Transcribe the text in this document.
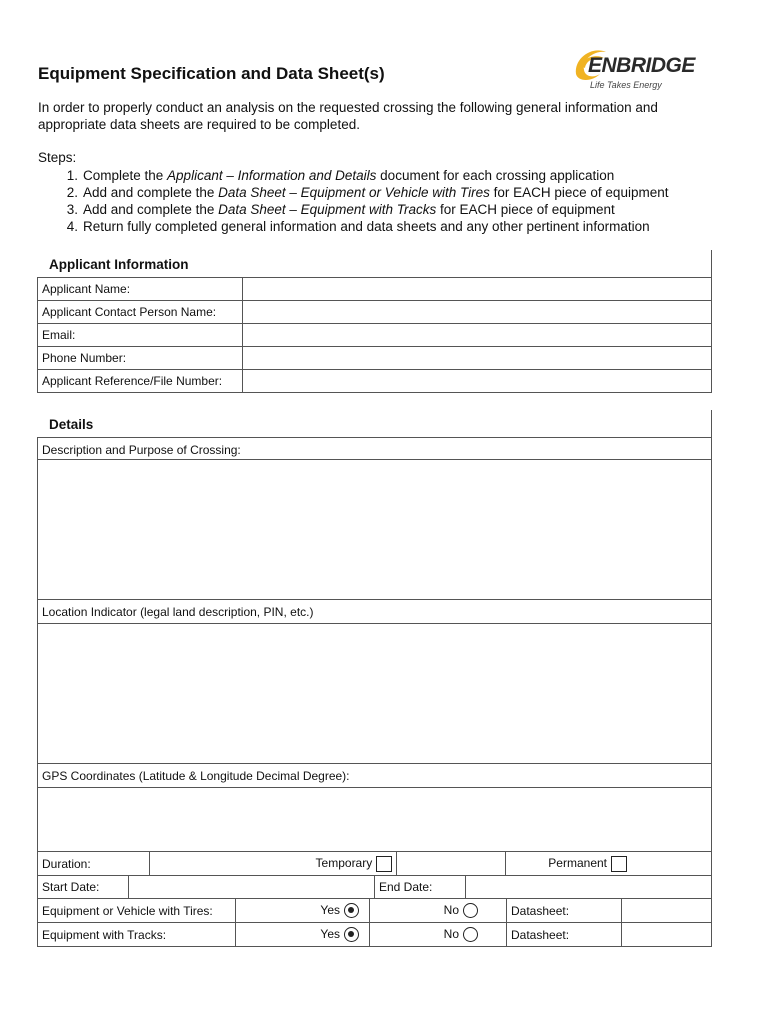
Equipment Specification and Data Sheet(s)	ENBRIDGE
Life Takes Energy

In order to properly conduct an analysis on the requested crossing the following general information and appropriate data sheets are required to be completed.

Steps:
1. Complete the Applicant – Information and Details document for each crossing application
2. Add and complete the Data Sheet – Equipment or Vehicle with Tires for EACH piece of equipment
3. Add and complete the Data Sheet – Equipment with Tracks for EACH piece of equipment
4. Return fully completed general information and data sheets and any other pertinent information
Applicant Information
Applicant Name:	
Applicant Contact Person Name:	
Email:	
Phone Number:	
Applicant Reference/File Number:	
Details
Description and Purpose of Crossing:
Location Indicator (legal land description, PIN, etc.)
GPS Coordinates (Latitude & Longitude Decimal Degree):
Duration:	Temporary		Permanent
Start Date:		End Date:	
Equipment or Vehicle with Tires:	Yes	No	Datasheet:	
Equipment with Tracks:	Yes	No	Datasheet:	
